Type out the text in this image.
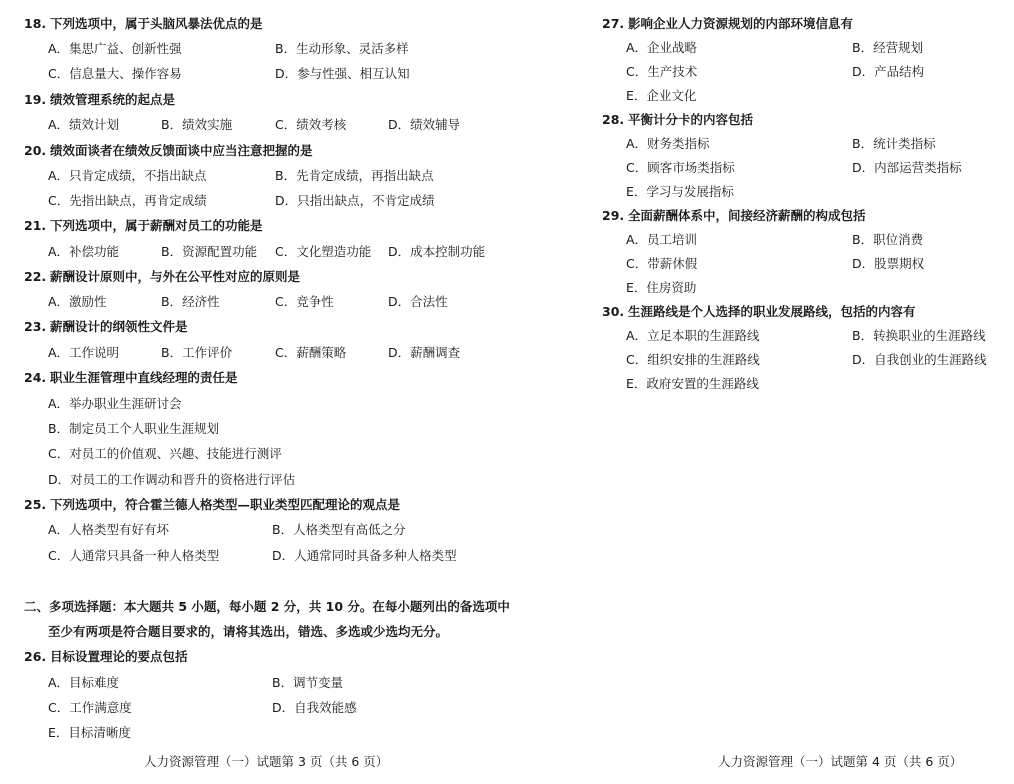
18. 下列选项中，属于头脑风暴法优点的是
A．集思广益、创新性强	B．生动形象、灵活多样
C．信息量大、操作容易	D．参与性强、相互认知
19. 绩效管理系统的起点是
A．绩效计划	B．绩效实施	C．绩效考核	D．绩效辅导
20. 绩效面谈者在绩效反馈面谈中应当注意把握的是
A．只肯定成绩，不指出缺点	B．先肯定成绩，再指出缺点
C．先指出缺点，再肯定成绩	D．只指出缺点，不肯定成绩
21. 下列选项中，属于薪酬对员工的功能是
A．补偿功能	B．资源配置功能 C．文化塑造功能 D．成本控制功能
22. 薪酬设计原则中，与外在公平性对应的原则是
A．激励性	B．经济性	C．竞争性	D．合法性
23. 薪酬设计的纲领性文件是
A．工作说明	B．工作评价	C．薪酬策略	D．薪酬调查
24. 职业生涯管理中直线经理的责任是
A．举办职业生涯研讨会
B．制定员工个人职业生涯规划
C．对员工的价值观、兴趣、技能进行测评
D．对员工的工作调动和晋升的资格进行评估
25. 下列选项中，符合霍兰德人格类型—职业类型匹配理论的观点是
A．人格类型有好有坏	B．人格类型有高低之分
C．人通常只具备一种人格类型	D．人通常同时具备多种人格类型
二、多项选择题：本大题共 5 小题，每小题 2 分，共 10 分。在每小题列出的备选项中
至少有两项是符合题目要求的，请将其选出，错选、多选或少选均无分。
26. 目标设置理论的要点包括
A．目标难度	B．调节变量
C．工作满意度	D．自我效能感
E．目标清晰度
人力资源管理（一）试题第 3 页（共 6 页）
27. 影响企业人力资源规划的内部环境信息有
A．企业战略	B．经营规划
C．生产技术	D．产品结构
E．企业文化
28. 平衡计分卡的内容包括
A．财务类指标	B．统计类指标
C．顾客市场类指标	D．内部运营类指标
E．学习与发展指标
29. 全面薪酬体系中，间接经济薪酬的构成包括
A．员工培训	B．职位消费
C．带薪休假	D．股票期权
E．住房资助
30. 生涯路线是个人选择的职业发展路线，包括的内容有
A．立足本职的生涯路线	B．转换职业的生涯路线
C．组织安排的生涯路线	D．自我创业的生涯路线
E．政府安置的生涯路线
人力资源管理（一）试题第 4 页（共 6 页）
